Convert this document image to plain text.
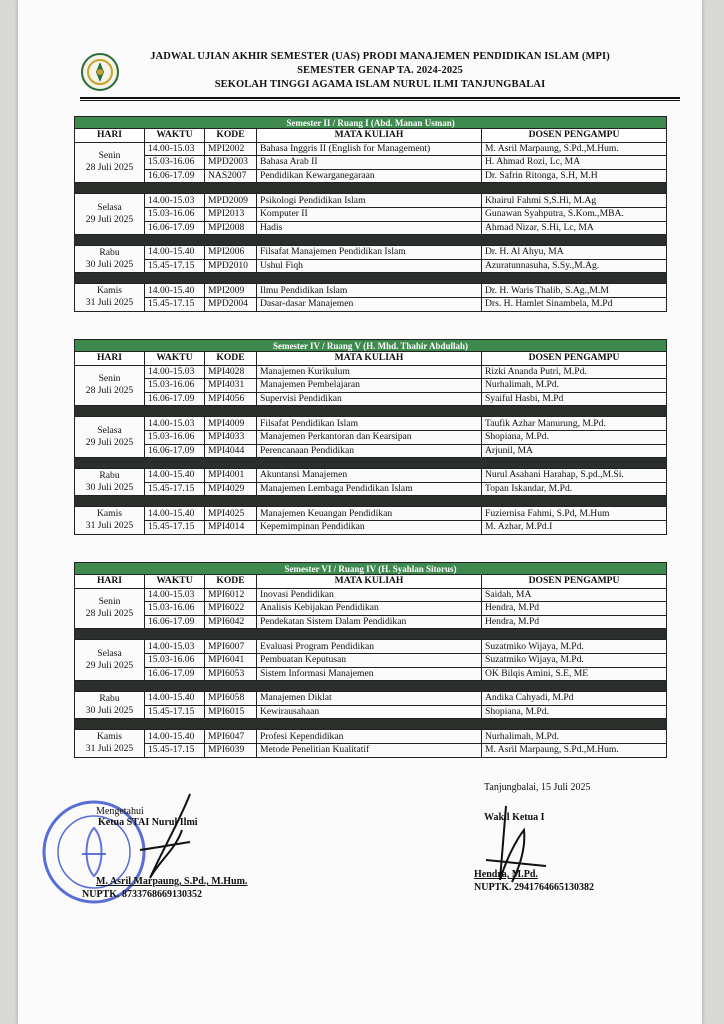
JADWAL UJIAN AKHIR SEMESTER (UAS) PRODI MANAJEMEN PENDIDIKAN ISLAM (MPI)
SEMESTER GENAP TA. 2024-2025
SEKOLAH TINGGI AGAMA ISLAM NURUL ILMI TANJUNGBALAI
Semester II / Ruang I (Abd. Manan Usman)				
HARI	WAKTU	KODE	MATA KULIAH	DOSEN PENGAMPU

Senin
28 Juli 2025	14.00-15.03	MPI2002	Bahasa Inggris II (English for Management)	M. Asril Marpaung, S.Pd.,M.Hum.
	15.03-16.06	MPD2003	Bahasa Arab II	H. Ahmad Rozi, Lc, MA
	16.06-17.09	NAS2007	Pendidikan Kewarganegaraan	Dr. Safrin Ritonga, S.H, M.H

Selasa
29 Juli 2025	14.00-15.03	MPD2009	Psikologi Pendidikan Islam	Khairul Fahmi S,S.Hi, M.Ag
	15.03-16.06	MPI2013	Komputer II	Gunawan Syahputra, S.Kom.,MBA.
	16.06-17.09	MPI2008	Hadis	Ahmad Nizar, S.Hi, Lc, MA

Rabu
30 Juli 2025	14.00-15.40	MPI2006	Filsafat Manajemen Pendidikan Islam	Dr. H. Al Ahyu, MA
	15.45-17.15	MPD2010	Ushul Fiqh	Azuratunnasuha, S.Sy.,M.Ag.

Kamis
31 Juli 2025	14.00-15.40	MPI2009	Ilmu Pendidikan Islam	Dr. H. Waris Thalib, S.Ag.,M.M
	15.45-17.15	MPD2004	Dasar-dasar Manajemen	Drs. H. Hamlet Sinambela, M.Pd
Semester IV / Ruang V (H. Mhd. Thahir Abdullah)				
HARI	WAKTU	KODE	MATA KULIAH	DOSEN PENGAMPU

Senin
28 Juli 2025	14.00-15.03	MPI4028	Manajemen Kurikulum	Rizki Ananda Putri, M.Pd.
	15.03-16.06	MPI4031	Manajemen Pembelajaran	Nurhalimah, M.Pd.
	16.06-17.09	MPI4056	Supervisi Pendidikan	Syaiful Hasbi, M.Pd

Selasa
29 Juli 2025	14.00-15.03	MPI4009	Filsafat Pendidikan Islam	Taufik Azhar Manurung, M.Pd.
	15.03-16.06	MPI4033	Manajemen Perkantoran dan Kearsipan	Shopiana, M.Pd.
	16.06-17.09	MPI4044	Perencanaan Pendidikan	Arjunil, MA

Rabu
30 Juli 2025	14.00-15.40	MPI4001	Akuntansi Manajemen	Nurul Asahani Harahap, S.pd.,M.Si.
	15.45-17.15	MPI4029	Manajemen Lembaga Pendidikan Islam	Topan Iskandar, M.Pd.

Kamis
31 Juli 2025	14.00-15.40	MPI4025	Manajemen Keuangan Pendidikan	Fuziernisa Fahmi, S.Pd, M.Hum
	15.45-17.15	MPI4014	Kepemimpinan Pendidikan	M. Azhar, M.Pd.I
Semester VI / Ruang IV (H. Syahlan Sitorus)				
HARI	WAKTU	KODE	MATA KULIAH	DOSEN PENGAMPU

Senin
28 Juli 2025	14.00-15.03	MPI6012	Inovasi Pendidikan	Saidah, MA
	15.03-16.06	MPI6022	Analisis Kebijakan Pendidikan	Hendra, M.Pd
	16.06-17.09	MPI6042	Pendekatan Sistem Dalam Pendidikan	Hendra, M.Pd

Selasa
29 Juli 2025	14.00-15.03	MPI6007	Evaluasi Program Pendidikan	Suzatmiko Wijaya, M.Pd.
	15.03-16.06	MPI6041	Pembuatan Keputusan	Suzatmiko Wijaya, M.Pd.
	16.06-17.09	MPI6053	Sistem Informasi Manajemen	OK Bilqis Amini, S.E, ME

Rabu
30 Juli 2025	14.00-15.40	MPI6058	Manajemen Diklat	Andika Cahyadi, M.Pd
	15.45-17.15	MPI6015	Kewirausahaan	Shopiana, M.Pd.

Kamis
31 Juli 2025	14.00-15.40	MPI6047	Profesi Kependidikan	Nurhalimah, M.Pd.
	15.45-17.15	MPI6039	Metode Penelitian Kualitatif	M. Asril Marpaung, S.Pd.,M.Hum.
Mengetahui
Ketua STAI Nurul Ilmi
M. Asril Marpaung, S.Pd., M.Hum.
NUPTK. 8733768669130352
Tanjungbalai, 15 Juli 2025
Wakil Ketua I
Hendra, M.Pd.
NUPTK. 2941764665130382
